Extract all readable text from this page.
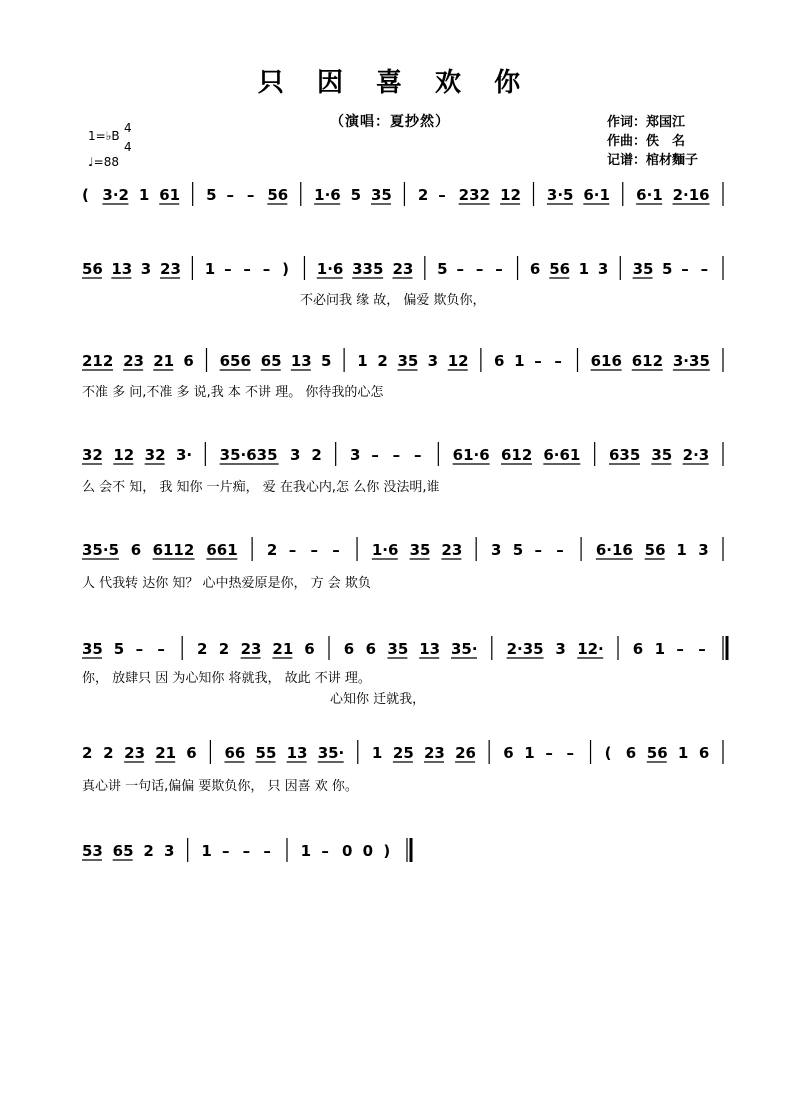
只 因 喜 欢 你
（演唱：夏抄然）	作词：郑国江
作曲：佚　名
记谱：棺材麵子
1=♭B
4
4
♩=88
( 3·2 1 61 5 – – 56 1·6 5 35 2 – 232 12 3·5 6·1 6·1 2·16
56 13 3 23 1 – – – ) 1·6 335 23 5 – – – 6 56 1 3 35 5 – –
不必问我 缘 故， 偏爱 欺负你，
212 23 21 6 656 65 13 5 1 2 35 3 12 6 1 – – 616 612 3·35
不准 多 问,不准 多 说,我 本 不讲 理。 你待我的心怎
32 12 32 3· 35·635 3 2 3 – – – 61·6 612 6·61 635 35 2·3
么 会不 知， 我 知你 一片痴， 爱 在我心内,怎 么你 没法明,谁
35·5 6 6112 661 2 – – – 1·6 35 23 3 5 – – 6·16 56 1 3
人 代我转 达你 知？ 心中热爱原是你， 方 会 欺负
35 5 – – 2 2 23 21 6 6 6 35 13 35· 2·35 3 12· 6 1 – –
你， 放肆只 因 为心知你 将就我， 故此 不讲 理。
心知你 迁就我，
2 2 23 21 6 66 55 13 35· 1 25 23 26 6 1 – – ( 6 56 1 6
真心讲 一句话,偏偏 要欺负你， 只 因喜 欢 你。
53 65 2 3 1 – – – 1 – 0 0 )
